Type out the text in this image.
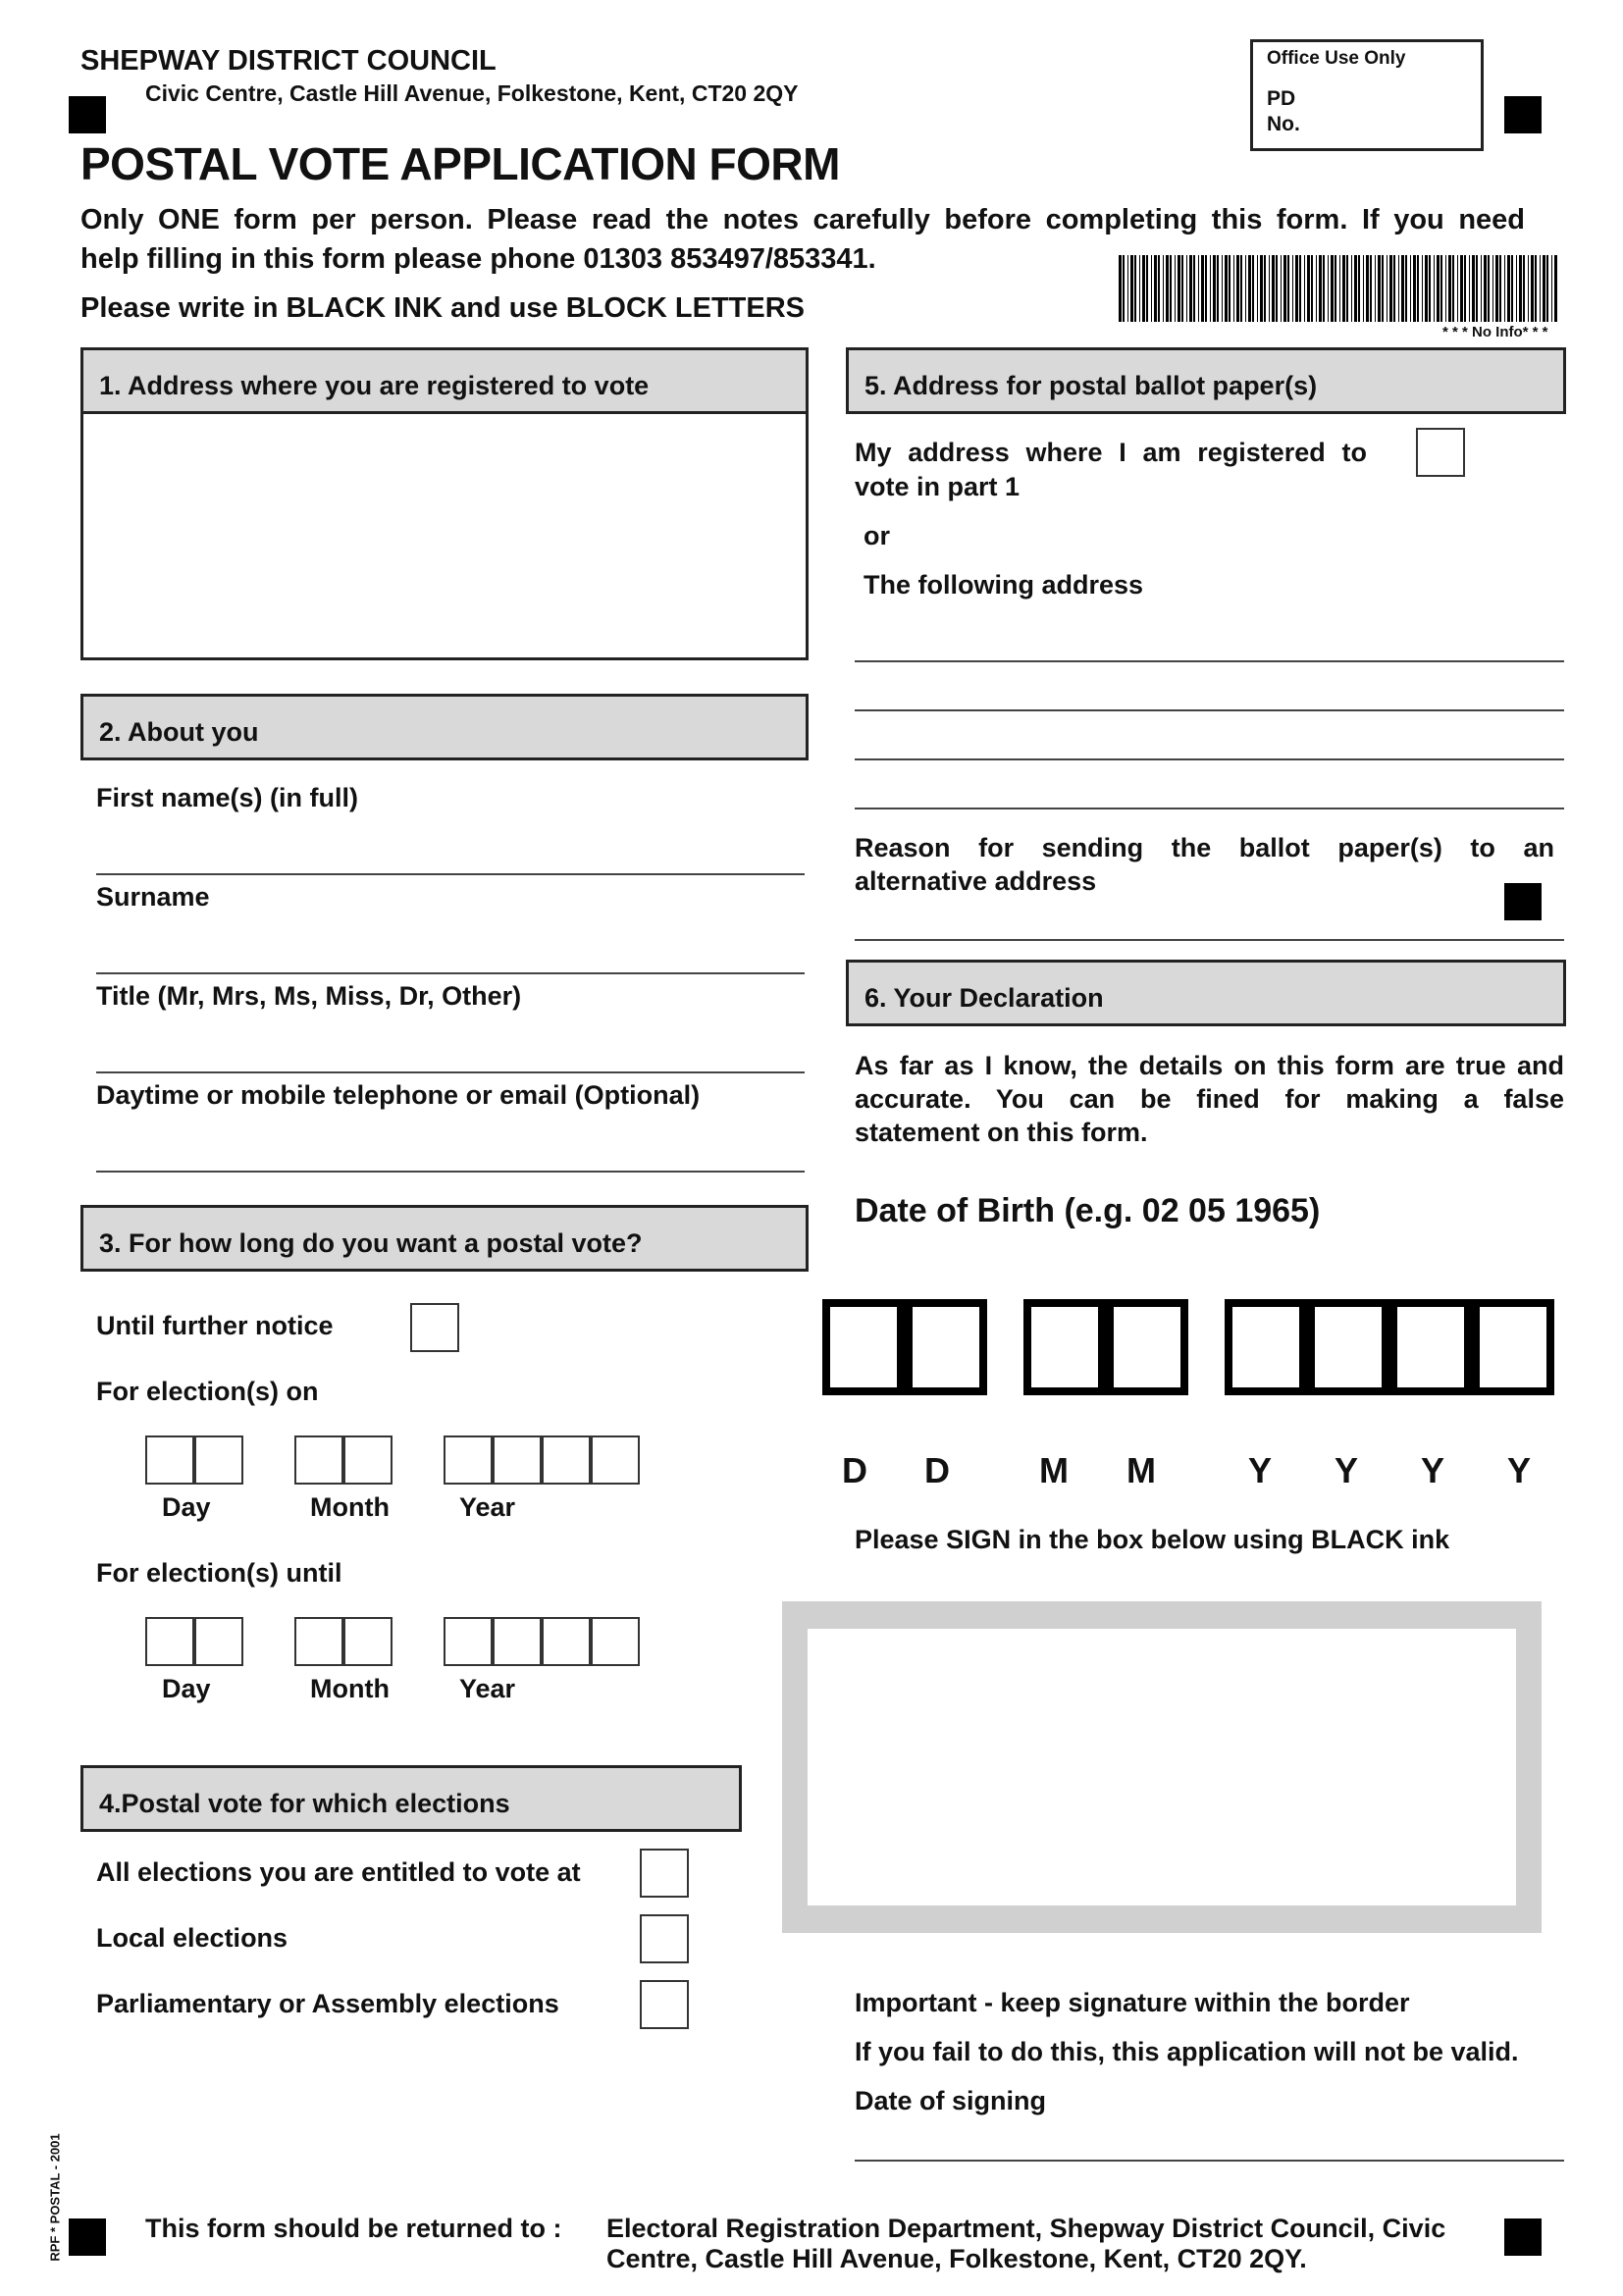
SHEPWAY DISTRICT COUNCIL
Civic Centre, Castle Hill Avenue, Folkestone, Kent, CT20 2QY
POSTAL VOTE APPLICATION FORM
Only ONE form per person. Please read the notes carefully before completing this form. If you need
help filling in this form please phone 01303 853497/853341.
Please write in BLACK INK and use BLOCK LETTERS
Office Use Only
PD
No.
* * * No Info* * *
1. Address where you are registered to vote
2. About you
First name(s) (in full)
Surname
Title (Mr, Mrs, Ms, Miss, Dr, Other)
Daytime or mobile telephone or email (Optional)
3. For how long do you want a postal vote?
Until further notice
For election(s) on
Day	Month	Year
For election(s) until
Day	Month	Year
4.Postal vote for which elections
All elections you are entitled to vote at
Local elections
Parliamentary or Assembly elections
5. Address for postal ballot paper(s)
My address where I am registered to
vote in part 1
or
The following address
Reason for sending the ballot paper(s) to an
alternative address
6. Your Declaration
As far as I know, the details on this form are true and
accurate. You can be fined for making a false
statement on this form.
Date of Birth (e.g. 02 05 1965)
D D	M M	Y Y Y Y
Please SIGN in the box below using BLACK ink
Important - keep signature within the border
If you fail to do this, this application will not be valid.
Date of signing
This form should be returned to : Electoral Registration Department, Shepway District Council, Civic
Centre, Castle Hill Avenue, Folkestone, Kent, CT20 2QY.
RPF * POSTAL - 2001
